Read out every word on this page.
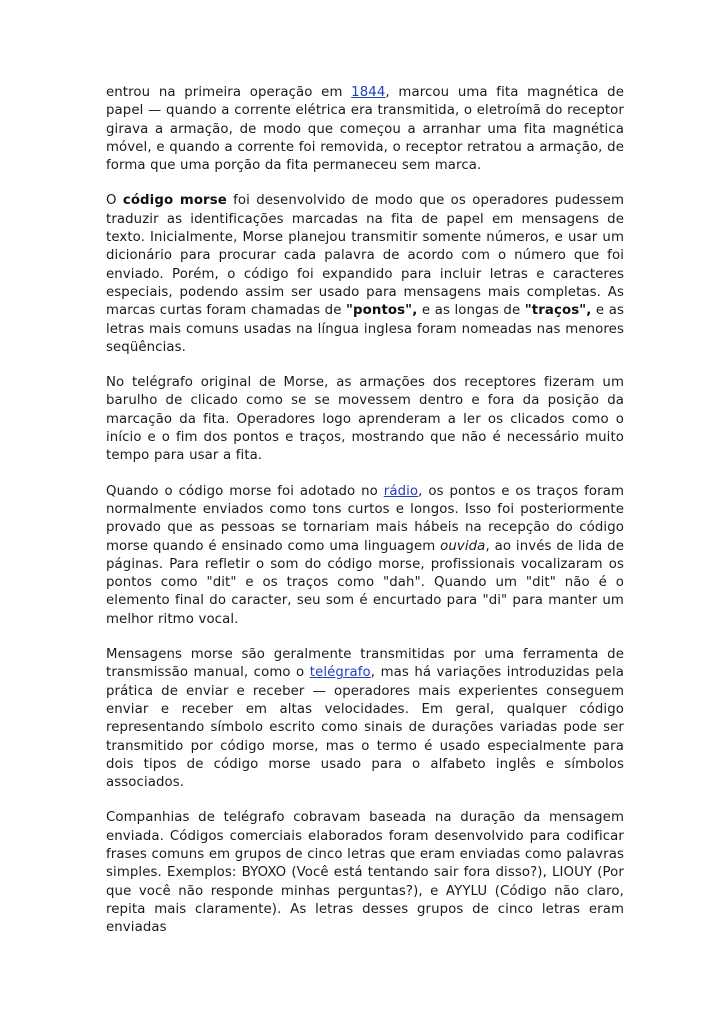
entrou na primeira operação em 1844, marcou uma fita magnética de papel — quando a corrente elétrica era transmitida, o eletroímã do receptor girava a armação, de modo que começou a arranhar uma fita magnética móvel, e quando a corrente foi removida, o receptor retratou a armação, de forma que uma porção da fita permaneceu sem marca.

O código morse foi desenvolvido de modo que os operadores pudessem traduzir as identificações marcadas na fita de papel em mensagens de texto. Inicialmente, Morse planejou transmitir somente números, e usar um dicionário para procurar cada palavra de acordo com o número que foi enviado. Porém, o código foi expandido para incluir letras e caracteres especiais, podendo assim ser usado para mensagens mais completas. As marcas curtas foram chamadas de "pontos", e as longas de "traços", e as letras mais comuns usadas na língua inglesa foram nomeadas nas menores seqüências.

No telégrafo original de Morse, as armações dos receptores fizeram um barulho de clicado como se se movessem dentro e fora da posição da marcação da fita. Operadores logo aprenderam a ler os clicados como o início e o fim dos pontos e traços, mostrando que não é necessário muito tempo para usar a fita.

Quando o código morse foi adotado no rádio, os pontos e os traços foram normalmente enviados como tons curtos e longos. Isso foi posteriormente provado que as pessoas se tornariam mais hábeis na recepção do código morse quando é ensinado como uma linguagem ouvida, ao invés de lida de páginas. Para refletir o som do código morse, profissionais vocalizaram os pontos como "dit" e os traços como "dah". Quando um "dit" não é o elemento final do caracter, seu som é encurtado para "di" para manter um melhor ritmo vocal.

Mensagens morse são geralmente transmitidas por uma ferramenta de transmissão manual, como o telégrafo, mas há variações introduzidas pela prática de enviar e receber — operadores mais experientes conseguem enviar e receber em altas velocidades. Em geral, qualquer código representando símbolo escrito como sinais de durações variadas pode ser transmitido por código morse, mas o termo é usado especialmente para dois tipos de código morse usado para o alfabeto inglês e símbolos associados.

Companhias de telégrafo cobravam baseada na duração da mensagem enviada. Códigos comerciais elaborados foram desenvolvido para codificar frases comuns em grupos de cinco letras que eram enviadas como palavras simples. Exemplos: BYOXO (Você está tentando sair fora disso?), LIOUY (Por que você não responde minhas perguntas?), e AYYLU (Código não claro, repita mais claramente). As letras desses grupos de cinco letras eram enviadas
